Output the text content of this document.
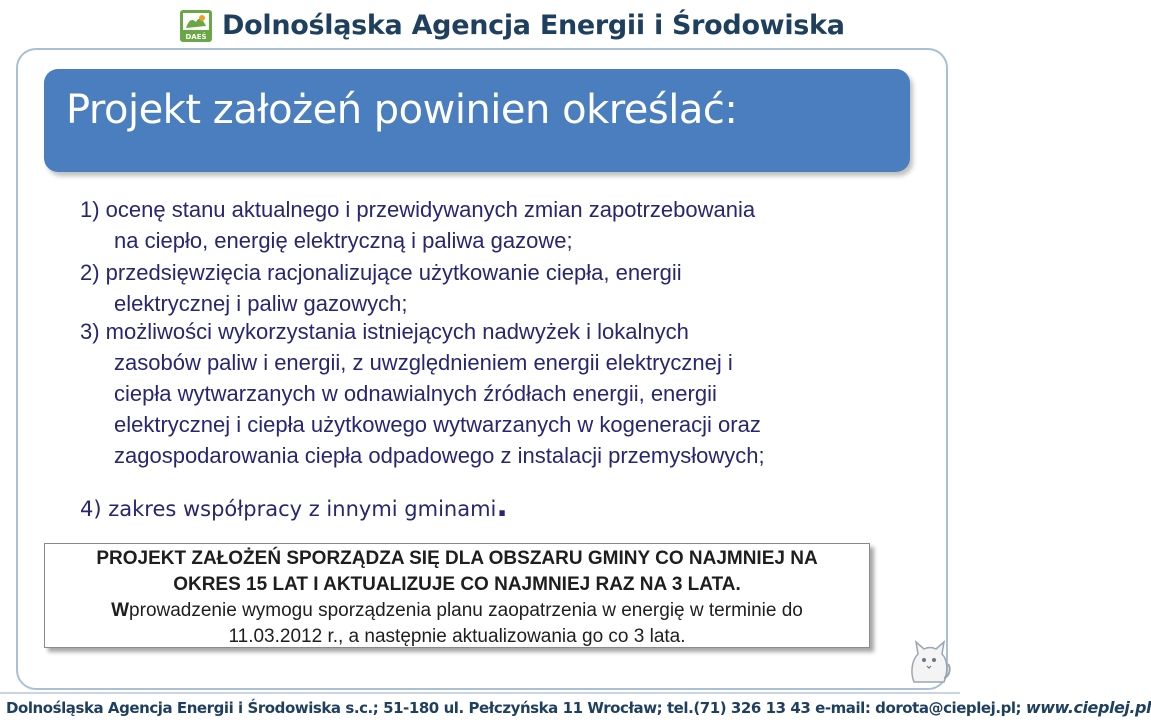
DAEŚ Dolnośląska Agencja Energii i Środowiska
Projekt założeń powinien określać:
1) ocenę stanu aktualnego i przewidywanych zmian zapotrzebowania
na ciepło, energię elektryczną i paliwa gazowe;
2) przedsięwzięcia racjonalizujące użytkowanie ciepła, energii
elektrycznej i paliw gazowych;
3) możliwości wykorzystania istniejących nadwyżek i lokalnych
zasobów paliw i energii, z uwzględnieniem energii elektrycznej i
ciepła wytwarzanych w odnawialnych źródłach energii, energii
elektrycznej i ciepła użytkowego wytwarzanych w kogeneracji oraz
zagospodarowania ciepła odpadowego z instalacji przemysłowych;
4) zakres współpracy z innymi gminami.
PROJEKT ZAŁOŻEŃ SPORZĄDZA SIĘ DLA OBSZARU GMINY CO NAJMNIEJ NA
OKRES 15 LAT I AKTUALIZUJE CO NAJMNIEJ RAZ NA 3 LATA.
Wprowadzenie wymogu sporządzenia planu zaopatrzenia w energię w terminie do
11.03.2012 r., a następnie aktualizowania go co 3 lata.
Dolnośląska Agencja Energii i Środowiska s.c.; 51-180 ul. Pełczyńska 11 Wrocław; tel.(71) 326 13 43 e-mail: dorota@cieplej.pl; www.cieplej.pl
